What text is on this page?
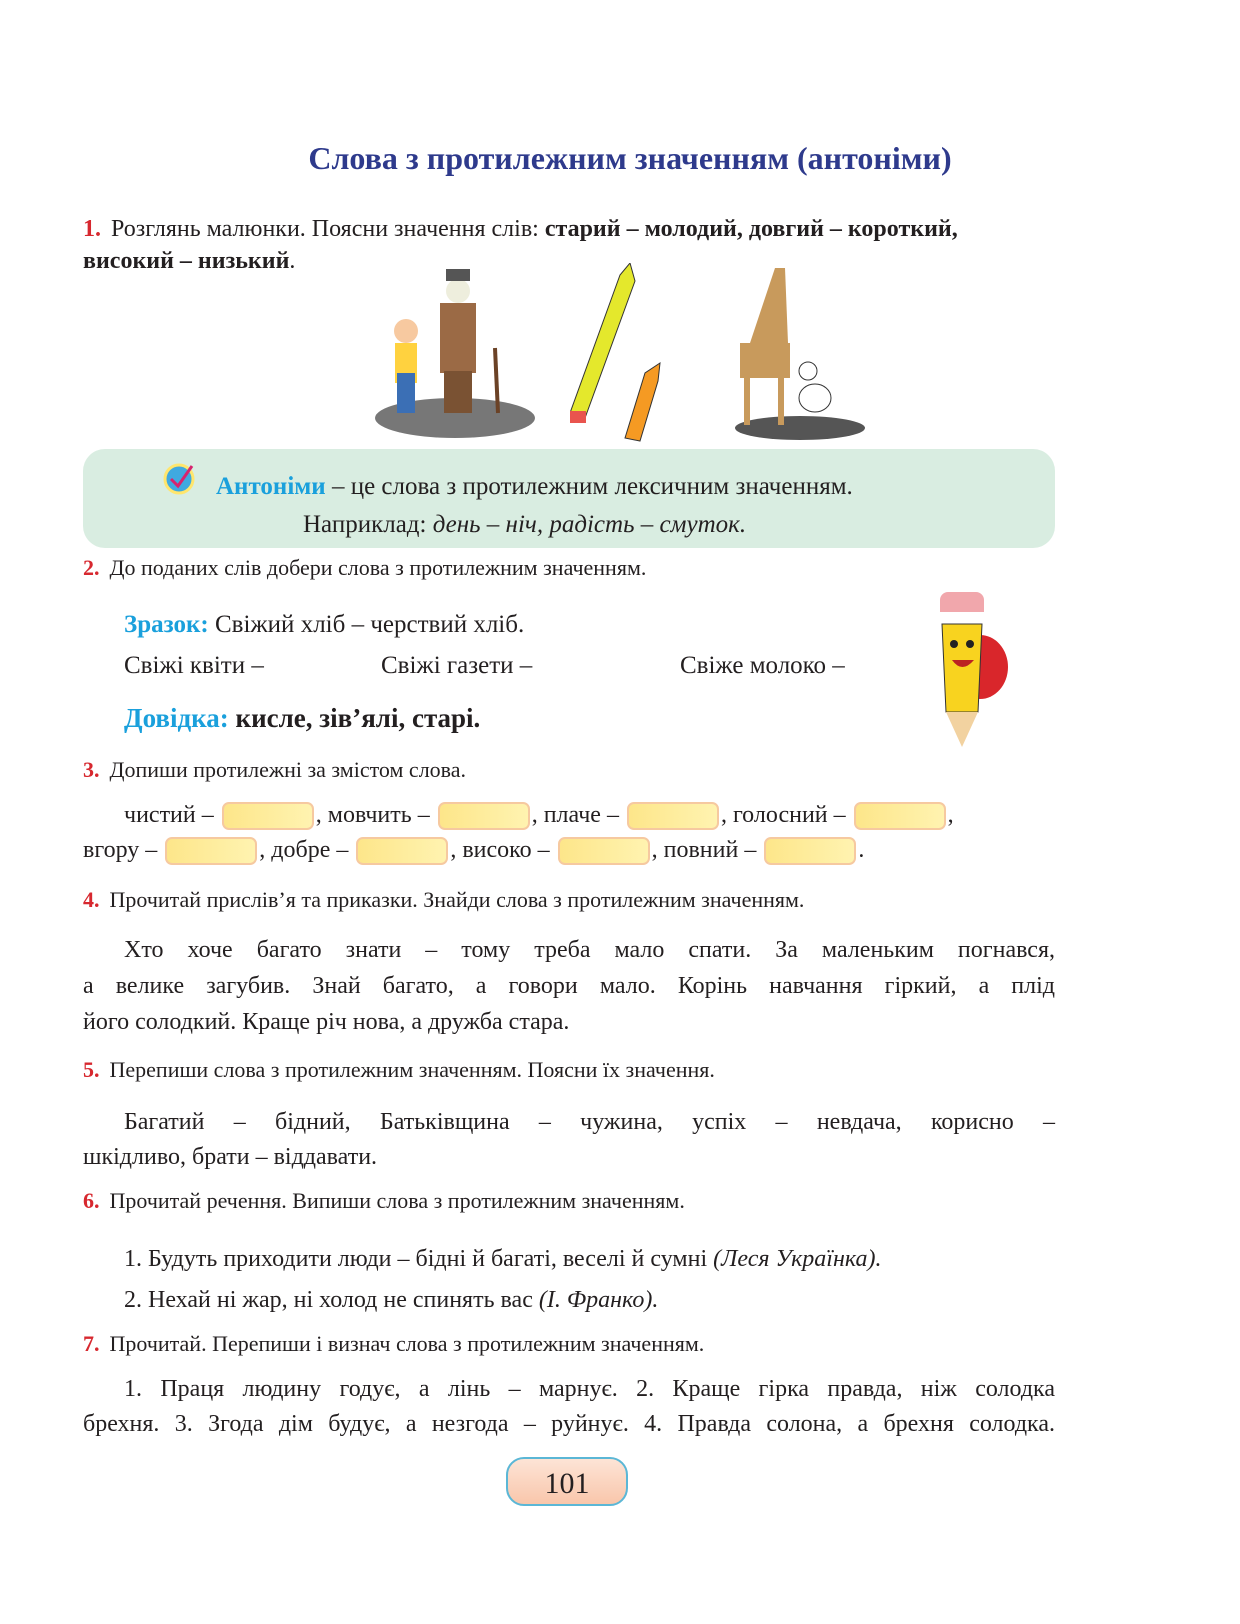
Слова з протилежним значенням (антоніми)
1. Розглянь малюнки. Поясни значення слів: старий – молодий, довгий – короткий,
високий – низький.
Антоніми – це слова з протилежним лексичним значенням.
Наприклад: день – ніч, радість – смуток.
2. До поданих слів добери слова з протилежним значенням.
Зразок: Свіжий хліб – черствий хліб.
Свіжі квіти –	Свіжі газети –	Свіже молоко –
Довідка: кисле, зів’ялі, старі.
3. Допиши протилежні за змістом слова.
чистий –	, мовчить –	, плаче –	, голосний –	,
вгору –	, добре –	, високо –	, повний –	.
4. Прочитай прислів’я та приказки. Знайди слова з протилежним значенням.
Хто хоче багато знати – тому треба мало спати. За маленьким погнався,
а велике загубив. Знай багато, а говори мало. Корінь навчання гіркий, а плід
його солодкий. Краще річ нова, а дружба стара.
5. Перепиши слова з протилежним значенням. Поясни їх значення.
Багатий – бідний, Батьківщина – чужина, успіх – невдача, корисно –
шкідливо, брати – віддавати.
6. Прочитай речення. Випиши слова з протилежним значенням.
1. Будуть приходити люди – бідні й багаті, веселі й сумні (Леся Українка).
2. Нехай ні жар, ні холод не спинять вас (І. Франко).
7. Прочитай. Перепиши і визнач слова з протилежним значенням.
1. Праця людину годує, а лінь – марнує. 2. Краще гірка правда, ніж солодка
брехня. 3. Згода дім будує, а незгода – руйнує. 4. Правда солона, а брехня солодка.
101
